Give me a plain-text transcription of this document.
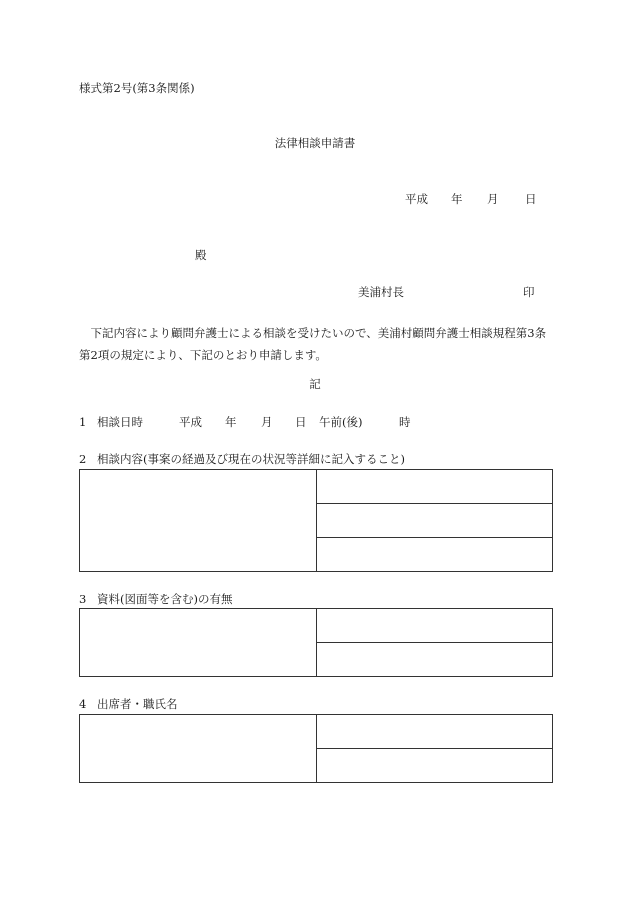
様式第2号(第3条関係)
法律相談申請書
平成 年 月 日
殿
美浦村長	印
下記内容により顧問弁護士による相談を受けたいので、美浦村顧問弁護士相談規程第3条第2項の規定により、下記のとおり申請します。
記
1 相談日時	平成 年 月 日 午前(後)	時
2 相談内容(事案の経過及び現在の状況等詳細に記入すること)

3 資料(図面等を含む)の有無

4 出席者・職氏名
